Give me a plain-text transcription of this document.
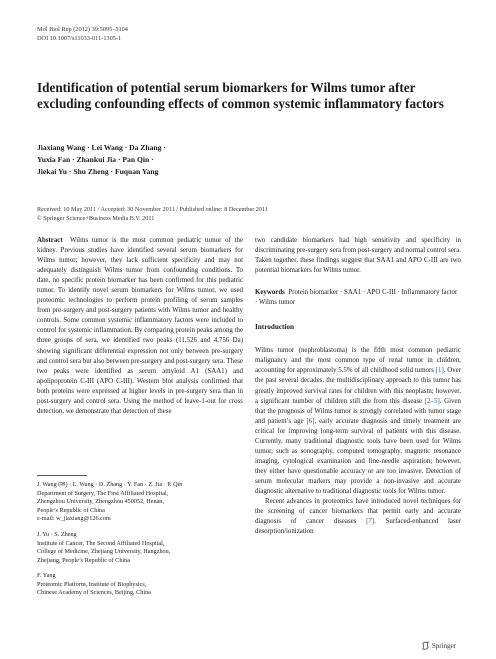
Mol Biol Rep (2012) 39:5095–5104
DOI 10.1007/s11033-011-1305-1
Identification of potential serum biomarkers for Wilms tumor after excluding confounding effects of common systemic inflammatory factors
Jiaxiang Wang · Lei Wang · Da Zhang ·
Yuxia Fan · Zhankui Jia · Pan Qin ·
Jiekai Yu · Shu Zheng · Fuquan Yang
Received: 10 May 2011 / Accepted: 30 November 2011 / Published online: 8 December 2011
© Springer Science+Business Media B.V. 2011

Abstract Wilms tumor is the most common pediatric tumor of the kidney. Previous studies have identified several serum biomarkers for Wilms tumor; however, they lack sufficient specificity and may not adequately distinguish Wilms tumor from confounding conditions. To date, no specific protein biomarker has been confirmed for this pediatric tumor. To identify novel serum biomarkers for Wilms tumor, we used proteomic technologies to perform protein profiling of serum samples from pre-surgery and post-surgery patients with Wilms tumor and healthy controls. Some common systemic inflammatory factors were included to control for systemic inflammation. By comparing protein peaks among the three groups of sera, we identified two peaks (11,526 and 4,756 Da) showing significant differential expression not only between pre-surgery and control sera but also between pre-surgery and post-surgery sera. These two peaks were identified as serum amyloid A1 (SAA1) and apolipoprotein C-III (APO C-III). Western blot analysis confirmed that both proteins were expressed at higher levels in pre-surgery sera than in post-surgery and control sera. Using the method of leave-1-out for cross detection, we demonstrate that detection of these

J. Wang (✉) · L. Wang · D. Zhang · Y. Fan · Z. Jia · P. Qin
Department of Surgery, The First Affiliated Hospital,
Zhengzhou University, Zhengzhou 450052, Henan,
People’s Republic of China
e-mail: w_jiaxiang@126.com
J. Yu · S. Zheng
Institute of Cancer, The Second Affiliated Hospital,
College of Medicine, Zhejiang University, Hangzhou,
Zhejiang, People’s Republic of China
F. Yang
Proteomic Platform, Institute of Biophysics,
Chinese Academy of Sciences, Beijing, China

two candidate biomarkers had high sensitivity and specificity in discriminating pre-surgery sera from post-surgery and normal control sera. Taken together, these findings suggest that SAA1 and APO C-III are two potential biomarkers for Wilms tumor.

Keywords Protein biomarker · SAA1 · APO C-III · Inflammatory factor · Wilms tumor

Introduction

Wilms tumor (nephroblastoma) is the fifth most common pediatric malignancy and the most common type of renal tumor in children, accounting for approximately 5.5% of all childhood solid tumors [1]. Over the past several decades, the multidisciplinary approach to this tumor has greatly improved survival rates for children with this neoplasm; however, a significant number of children still die from this disease [2–5]. Given that the prognosis of Wilms tumor is strongly correlated with tumor stage and patient’s age [6], early accurate diagnosis and timely treatment are critical for improving long-term survival of patients with this disease. Currently, many traditional diagnostic tools have been used for Wilms tumor, such as sonography, computed tomography, magnetic resonance imaging, cytological examination and fine-needle aspiration; however, they either have questionable accuracy or are too invasive. Detection of serum molecular markers may provide a non-invasive and accurate diagnostic alternative to traditional diagnostic tools for Wilms tumor.

Recent advances in proteomics have introduced novel techniques for the screening of cancer biomarkers that permit early and accurate diagnosis of cancer diseases [7]. Surfaced-enhanced laser desorption/ionization

Springer
